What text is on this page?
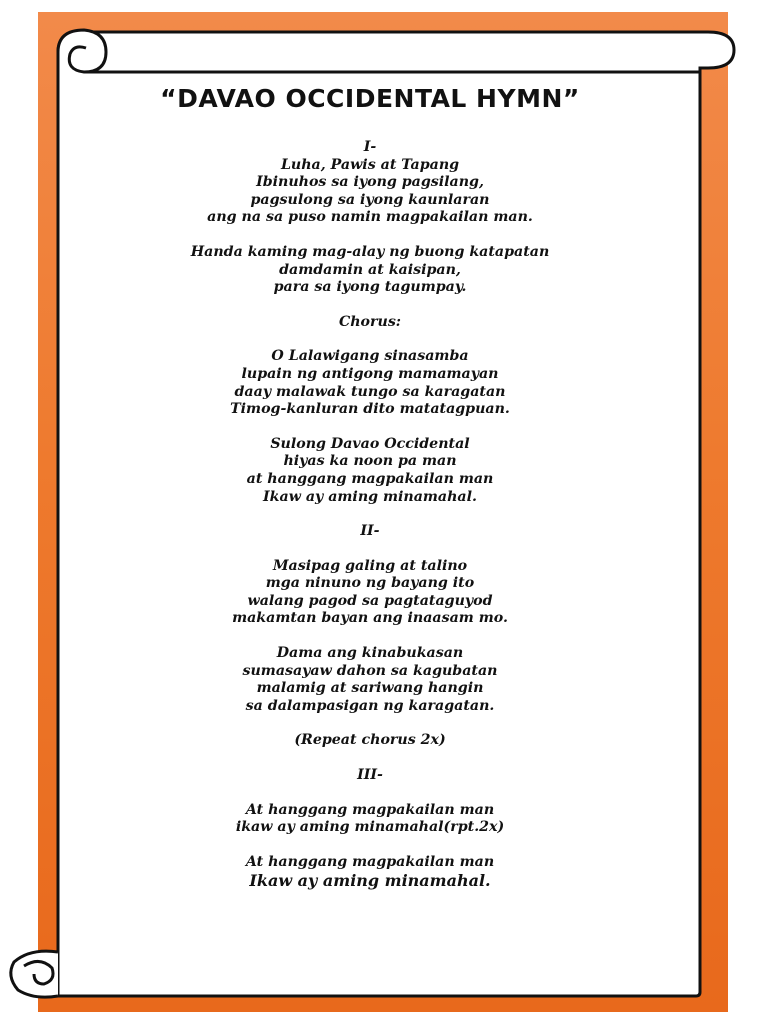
“DAVAO OCCIDENTAL HYMN”
I-
Luha, Pawis at Tapang
Ibinuhos sa iyong pagsilang,
pagsulong sa iyong kaunlaran
ang na sa puso namin magpakailan man.
Handa kaming mag-alay ng buong katapatan
damdamin at kaisipan,
para sa iyong tagumpay.
Chorus:
O Lalawigang sinasamba
lupain ng antigong mamamayan
daay malawak tungo sa karagatan
Timog-kanluran dito matatagpuan.
Sulong Davao Occidental
hiyas ka noon pa man
at hanggang magpakailan man
Ikaw ay aming minamahal.
II-
Masipag galing at talino
mga ninuno ng bayang ito
walang pagod sa pagtataguyod
makamtan bayan ang inaasam mo.
Dama ang kinabukasan
sumasayaw dahon sa kagubatan
malamig at sariwang hangin
sa dalampasigan ng karagatan.
(Repeat chorus 2x)
III-
At hanggang magpakailan man
ikaw ay aming minamahal(rpt.2x)
At hanggang magpakailan man
Ikaw ay aming minamahal.
